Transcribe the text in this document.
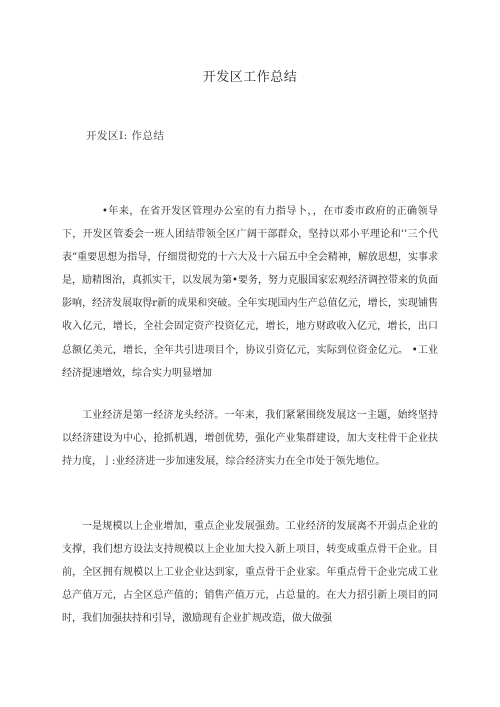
开发区工作总结
开发区I: 作总结

•年来，在省开发区管理办公室的有力指导卜，，在市委市政府的正确领导下，开发区管委会一班人团结带领全区广阔干部群众，坚持以邓小平理论和’’三个代表”重要思想为指导，仔细贯彻党的十六大及十六届五中全会精神，解放思想，实事求是，励精图治，真抓实干，以发展为第•要务，努力克服国家宏观经济调控带来的负面影响，经济发展取得r新的成果和突破。全年实现国内生产总值亿元，增长，实现铺售收入亿元，增长，全社会固定资产投资亿元，增长，地方财政收入亿元，增长，出口总额亿美元，增长，全年共引进项目个，协议引资亿元，实际到位资金亿元。 •工业经济提速增效，综合实力明显增加

工业经济是第一经济龙头经济。一年来，我们紧紧围绕发展这一主题，始终坚持以经济建设为中心，抢抓机遇，增创优势，强化产业集群建设，加大支柱骨干企业扶持力度，亅:业经济进一步加速发展，综合经济实力在全市处于领先地位。

一是规模以上企业增加，重点企业发展强劲。工业经济的发展离不开弱点企业的支撑，我们想方设法支持规模以上企业加大投入新上项目，转变成重点骨干企业。目前，全区拥有规模以上工业企业达到家，重点骨干企业家。年重点骨干企业完成工业总产值万元，占全区总产值的；销售产值万元，占总量的。在大力招引新上项目的同时，我们加强扶持和引导，激励现有企业扩规改造，做大做强
